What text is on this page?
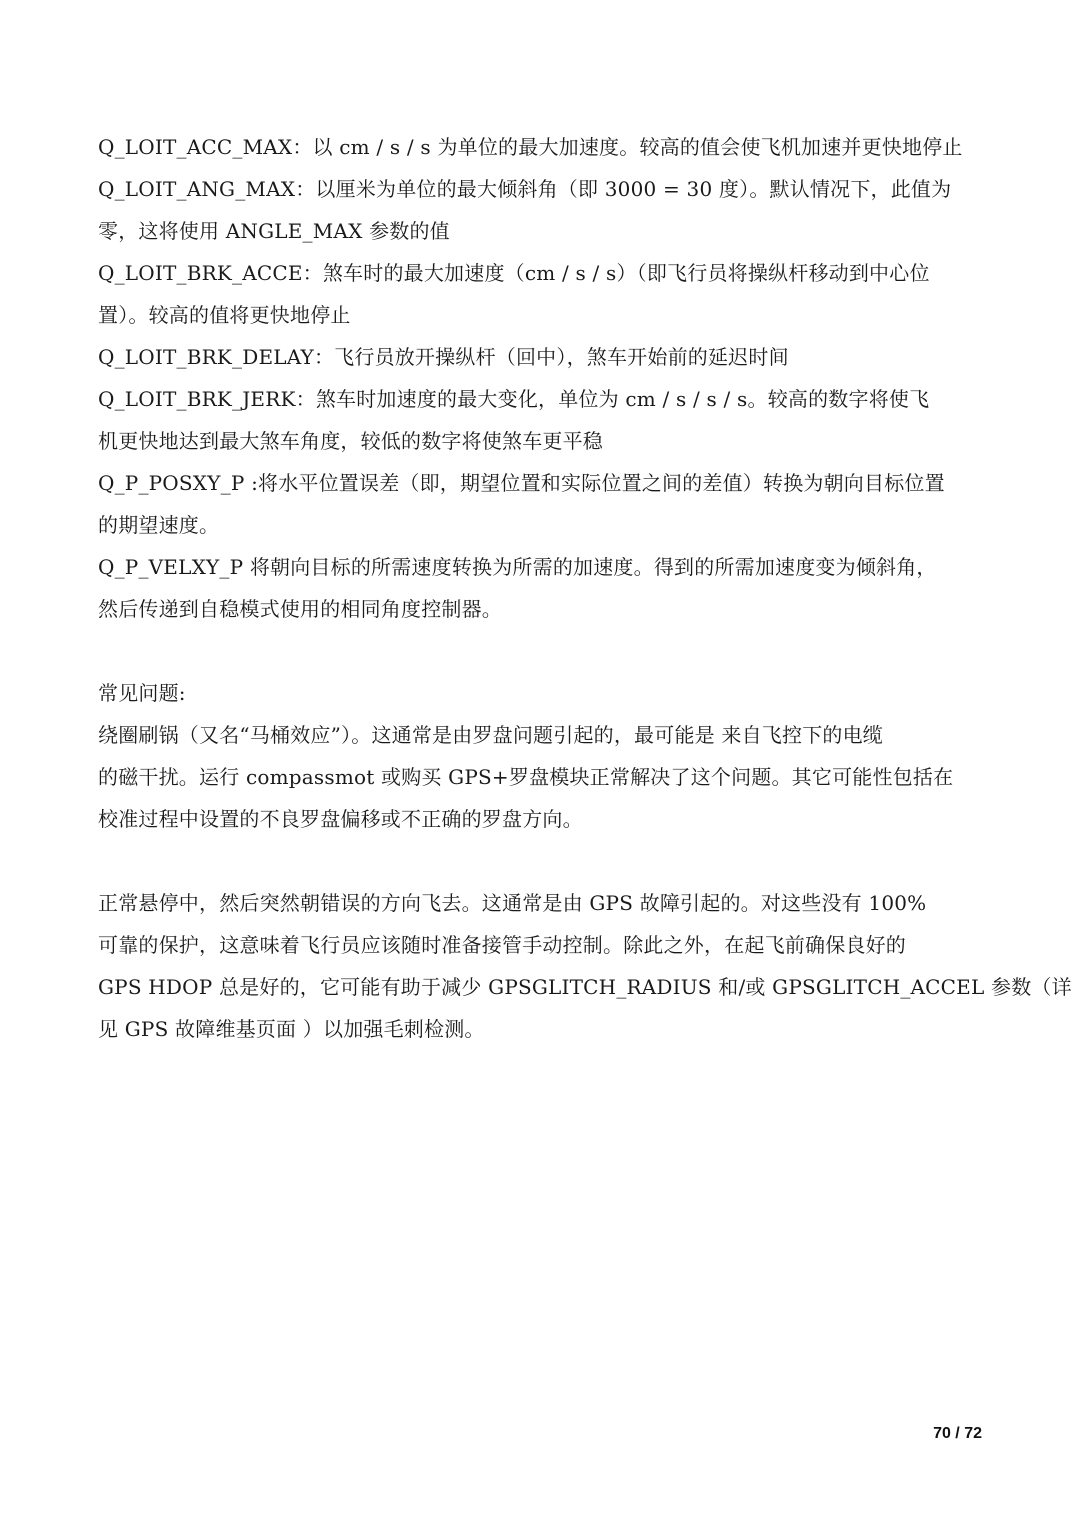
Q_LOIT_ACC_MAX：以 cm / s / s 为单位的最大加速度。较高的值会使飞机加速并更快地停止
Q_LOIT_ANG_MAX：以厘米为单位的最大倾斜角（即 3000 = 30 度）。默认情况下，此值为
零，这将使用 ANGLE_MAX 参数的值
Q_LOIT_BRK_ACCE：煞车时的最大加速度（cm / s / s）（即飞行员将操纵杆移动到中心位
置）。较高的值将更快地停止
Q_LOIT_BRK_DELAY：飞行员放开操纵杆（回中），煞车开始前的延迟时间
Q_LOIT_BRK_JERK：煞车时加速度的最大变化，单位为 cm / s / s / s。较高的数字将使飞
机更快地达到最大煞车角度，较低的数字将使煞车更平稳
Q_P_POSXY_P :将水平位置误差（即，期望位置和实际位置之间的差值）转换为朝向目标位置
的期望速度。
Q_P_VELXY_P 将朝向目标的所需速度转换为所需的加速度。得到的所需加速度变为倾斜角，
然后传递到自稳模式使用的相同角度控制器。
常见问题:
绕圈刷锅（又名“马桶效应”）。这通常是由罗盘问题引起的，最可能是 来自飞控下的电缆
的磁干扰。运行 compassmot 或购买 GPS+罗盘模块正常解决了这个问题。其它可能性包括在
校准过程中设置的不良罗盘偏移或不正确的罗盘方向。
正常悬停中，然后突然朝错误的方向飞去。这通常是由 GPS 故障引起的。对这些没有 100%
可靠的保护，这意味着飞行员应该随时准备接管手动控制。除此之外，在起飞前确保良好的
GPS HDOP 总是好的，它可能有助于减少 GPSGLITCH_RADIUS 和/或 GPSGLITCH_ACCEL 参数（详
见 GPS 故障维基页面 ）以加强毛刺检测。
70 / 72
